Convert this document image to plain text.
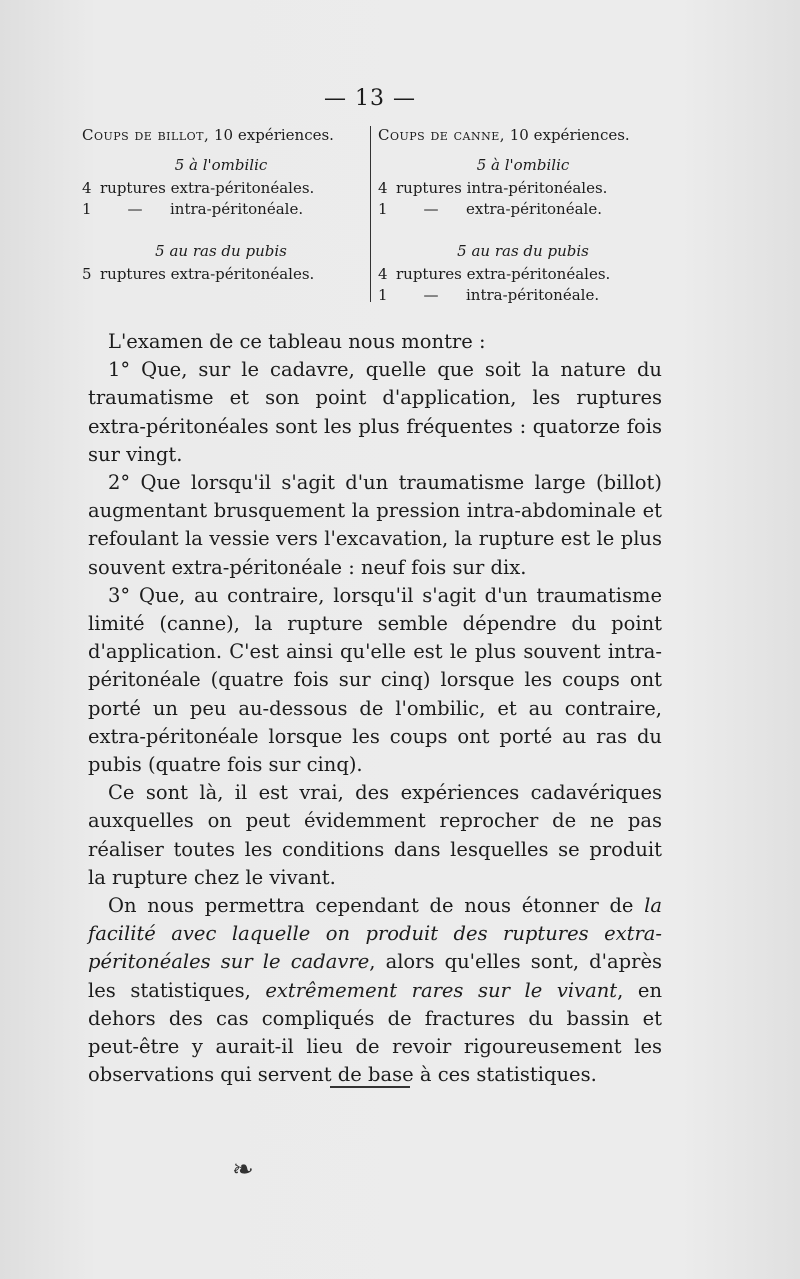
— 13 —
Coups de billot, 10 expériences.
5 à l'ombilic
4 ruptures extra-péritonéales.
1	—	intra-péritonéale.
5 au ras du pubis
5 ruptures extra-péritonéales.
Coups de canne, 10 expériences.
5 à l'ombilic
4 ruptures intra-péritonéales.
1	—	extra-péritonéale.
5 au ras du pubis
4 ruptures extra-péritonéales.
1	—	intra-péritonéale.

L'examen de ce tableau nous montre :

1° Que, sur le cadavre, quelle que soit la nature du traumatisme et son point d'application, les ruptures extra-péritonéales sont les plus fréquentes : quatorze fois sur vingt.

2° Que lorsqu'il s'agit d'un traumatisme large (billot) augmentant brusquement la pression intra-abdominale et refoulant la vessie vers l'excavation, la rupture est le plus souvent extra-péritonéale : neuf fois sur dix.

3° Que, au contraire, lorsqu'il s'agit d'un traumatisme limité (canne), la rupture semble dépendre du point d'application. C'est ainsi qu'elle est le plus souvent intra-péritonéale (quatre fois sur cinq) lorsque les coups ont porté un peu au-dessous de l'ombilic, et au contraire, extra-péritonéale lorsque les coups ont porté au ras du pubis (quatre fois sur cinq).

Ce sont là, il est vrai, des expériences cadavériques auxquelles on peut évidemment reprocher de ne pas réaliser toutes les conditions dans lesquelles se produit la rupture chez le vivant.

On nous permettra cependant de nous étonner de la facilité avec laquelle on produit des ruptures extra-péritonéales sur le cadavre, alors qu'elles sont, d'après les statistiques, extrêmement rares sur le vivant, en dehors des cas compliqués de fractures du bassin et peut-être y aurait-il lieu de revoir rigoureusement les observations qui servent de base à ces statistiques.

❧
